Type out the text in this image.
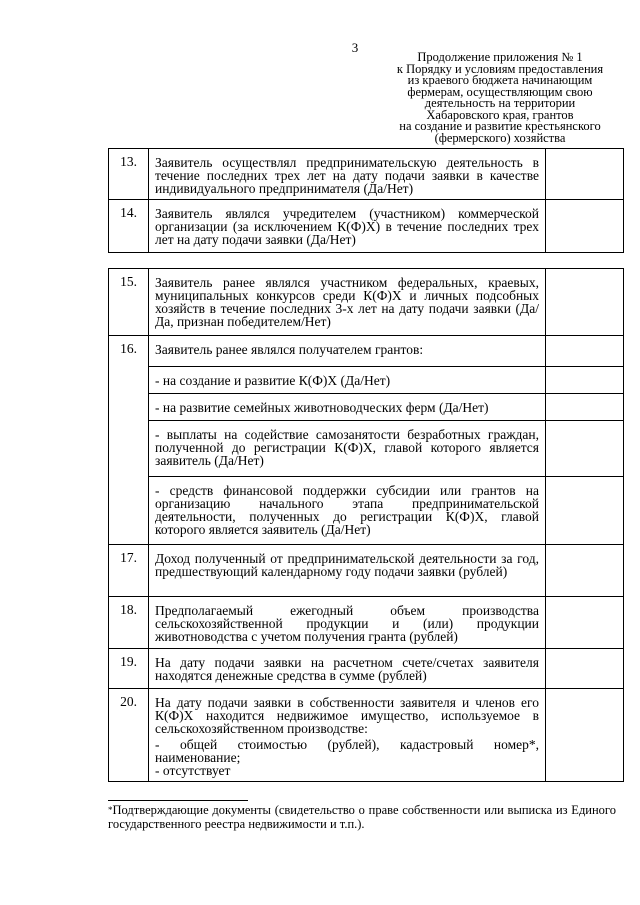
3
Продолжение приложения № 1
к Порядку и условиям предоставления
из краевого бюджета начинающим
фермерам, осуществляющим свою
деятельность на территории
Хабаровского края, грантов
на создание и развитие крестьянского
(фермерского) хозяйства
13.	Заявитель осуществлял предпринимательскую деятельность в течение последних трех лет на дату подачи заявки в качестве индивидуального предпринимателя (Да/Нет)	

14.	Заявитель являлся учредителем (участником) коммерческой организации (за исключением К(Ф)Х) в течение последних трех лет на дату подачи заявки (Да/Нет)	

15.	Заявитель ранее являлся участником федеральных, краевых, муниципальных конкурсов среди К(Ф)Х и личных подсобных хозяйств в течение последних 3-х лет на дату подачи заявки (Да/Да, признан победителем/Нет)	

16.	Заявитель ранее являлся получателем грантов:	

	- на создание и развитие К(Ф)Х (Да/Нет)	

	- на развитие семейных животноводческих ферм (Да/Нет)	

	- выплаты на содействие самозанятости безработных граждан, полученной до регистрации К(Ф)Х, главой которого является заявитель (Да/Нет)	

	- средств финансовой поддержки субсидии или грантов на организацию начального этапа предпринимательской деятельности, полученных до регистрации К(Ф)Х, главой которого является заявитель (Да/Нет)	

17.	Доход полученный от предпринимательской деятельности за год, предшествующий календарному году подачи заявки (рублей)	

18.	Предполагаемый ежегодный объем производства сельскохозяйственной продукции и (или) продукции животноводства с учетом получения гранта (рублей)	

19.	На дату подачи заявки на расчетном счете/счетах заявителя находятся денежные средства в сумме (рублей)	

20.	На дату подачи заявки в собственности заявителя и членов его К(Ф)Х находится недвижимое имущество, используемое в сельскохозяйственном производстве:
- общей стоимостью (рублей), кадастровый номер*, наименование;
- отсутствует	

*Подтверждающие документы (свидетельство о праве собственности или выписка из Единого государственного реестра недвижимости и т.п.).
